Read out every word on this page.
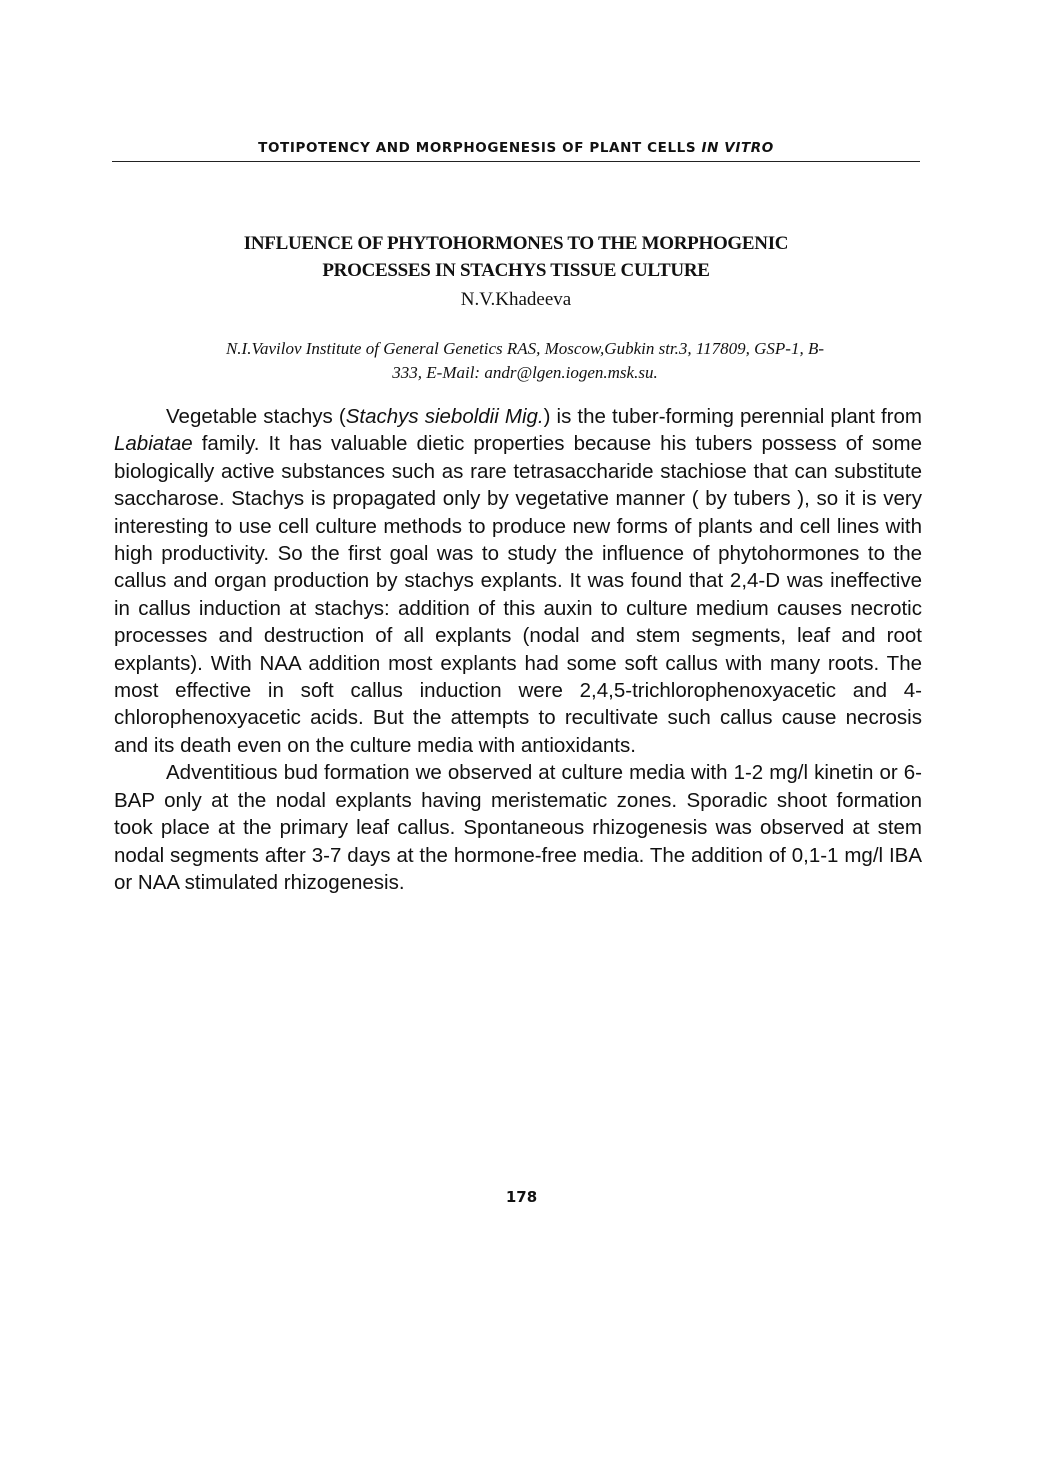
TOTIPOTENCY AND MORPHOGENESIS OF PLANT CELLS IN VITRO
INFLUENCE OF PHYTOHORMONES TO THE MORPHOGENIC
PROCESSES IN STACHYS TISSUE CULTURE
N.V.Khadeeva
N.I.Vavilov Institute of General Genetics RAS, Moscow,Gubkin str.3, 117809, GSP-1, B-
333, E-Mail: andr@lgen.iogen.msk.su.

Vegetable stachys (Stachys sieboldii Mig.) is the tuber-forming perennial plant from Labiatae family. It has valuable dietic properties because his tubers possess of some biologically active substances such as rare tetrasaccharide stachiose that can substitute saccharose. Stachys is propagated only by vegetative manner ( by tubers ), so it is very interesting to use cell culture methods to produce new forms of plants and cell lines with high productivity. So the first goal was to study the influence of phytohormones to the callus and organ production by stachys explants. It was found that 2,4-D was ineffective in callus induction at stachys: addition of this auxin to culture medium causes necrotic processes and destruction of all explants (nodal and stem segments, leaf and root explants). With NAA addition most explants had some soft callus with many roots. The most effective in soft callus induction were 2,4,5-trichlorophenoxyacetic and 4-chlorophenoxyacetic acids. But the attempts to recultivate such callus cause necrosis and its death even on the culture media with antioxidants.

Adventitious bud formation we observed at culture media with 1-2 mg/l kinetin or 6-BAP only at the nodal explants having meristematic zones. Sporadic shoot formation took place at the primary leaf callus. Spontaneous rhizogenesis was observed at stem nodal segments after 3-7 days at the hormone-free media. The addition of 0,1-1 mg/l IBA or NAA stimulated rhizogenesis.

178
